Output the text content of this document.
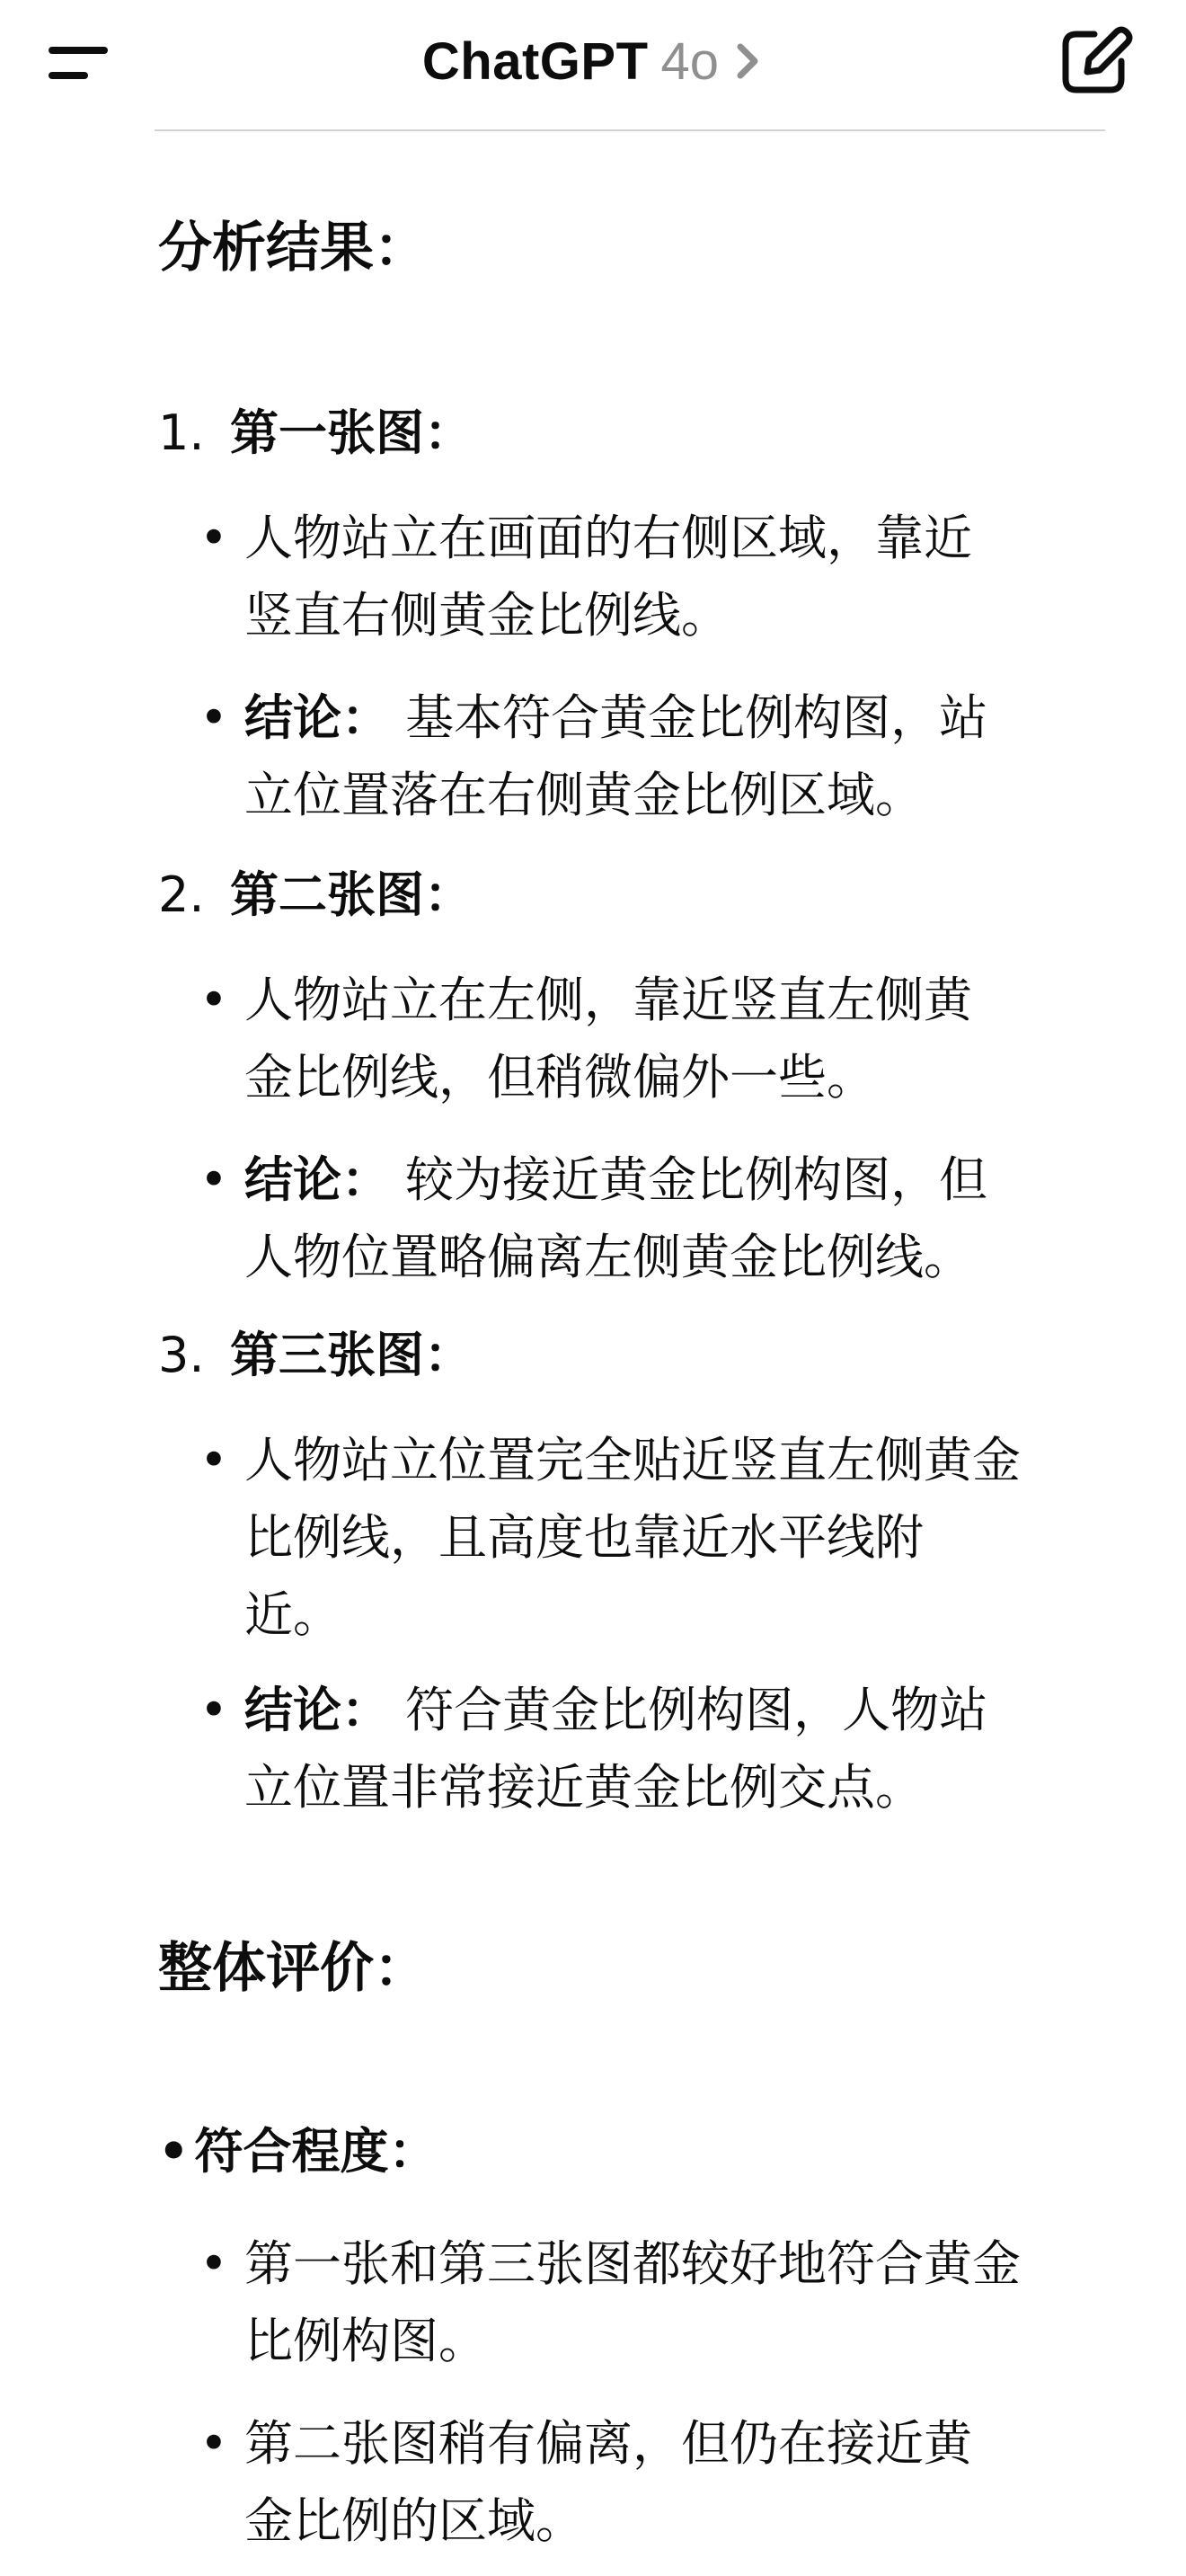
ChatGPT 4o
分析结果：
1. 第一张图：
• 人物站立在画面的右侧区域，靠近
竖直右侧黄金比例线。
• 结论： 基本符合黄金比例构图，站
立位置落在右侧黄金比例区域。
2. 第二张图：
• 人物站立在左侧，靠近竖直左侧黄
金比例线，但稍微偏外一些。
• 结论： 较为接近黄金比例构图，但
人物位置略偏离左侧黄金比例线。
3. 第三张图：
• 人物站立位置完全贴近竖直左侧黄金
比例线，且高度也靠近水平线附
近。
• 结论： 符合黄金比例构图，人物站
立位置非常接近黄金比例交点。
整体评价：
• 符合程度：
• 第一张和第三张图都较好地符合黄金
比例构图。
• 第二张图稍有偏离，但仍在接近黄
金比例的区域。
